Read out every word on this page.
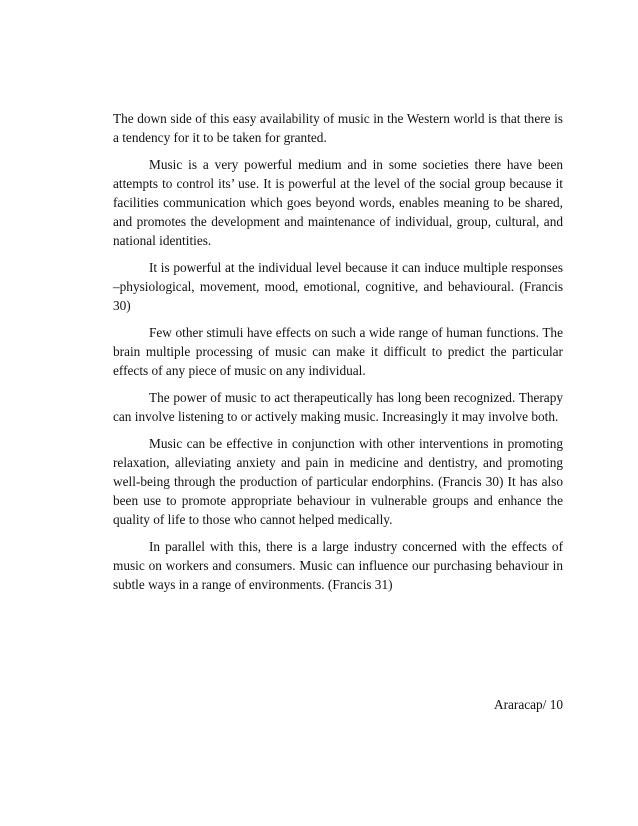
The down side of this easy availability of music in the Western world is that there is a tendency for it to be taken for granted.

Music is a very powerful medium and in some societies there have been attempts to control its’ use. It is powerful at the level of the social group because it facilities communication which goes beyond words, enables meaning to be shared, and promotes the development and maintenance of individual, group, cultural, and national identities.

It is powerful at the individual level because it can induce multiple responses –physiological, movement, mood, emotional, cognitive, and behavioural. (Francis 30)

Few other stimuli have effects on such a wide range of human functions. The brain multiple processing of music can make it difficult to predict the particular effects of any piece of music on any individual.

The power of music to act therapeutically has long been recognized. Therapy can involve listening to or actively making music. Increasingly it may involve both.

Music can be effective in conjunction with other interventions in promoting relaxation, alleviating anxiety and pain in medicine and dentistry, and promoting well-being through the production of particular endorphins. (Francis 30) It has also been use to promote appropriate behaviour in vulnerable groups and enhance the quality of life to those who cannot helped medically.

In parallel with this, there is a large industry concerned with the effects of music on workers and consumers. Music can influence our purchasing behaviour in subtle ways in a range of environments. (Francis 31)

Araracap/ 10
